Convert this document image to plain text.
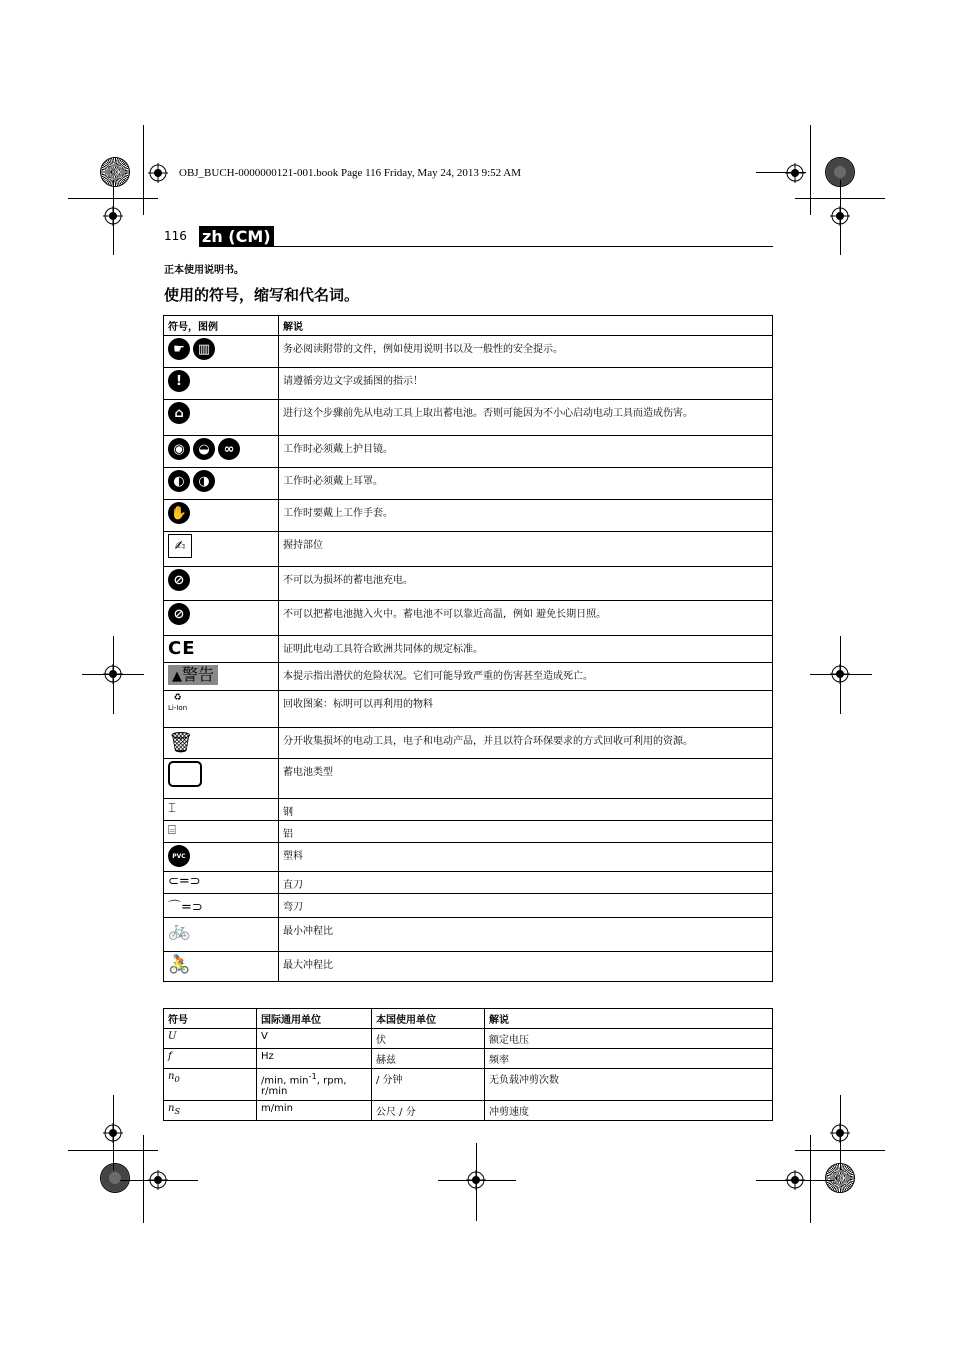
OBJ_BUCH-0000000121-001.book Page 116 Friday, May 24, 2013 9:52 AM
116 zh (CM)
正本使用说明书。
使用的符号，缩写和代名词。
符号，图例	解说
☛ ▥	务必阅读附带的文件，例如使用说明书以及一般性的安全提示。
!	请遵循旁边文字或插图的指示！
⌂	进行这个步骤前先从电动工具上取出蓄电池。否则可能因为不小心启动电动工具而造成伤害。
◉ ◒ ∞	工作时必须戴上护目镜。
◐ ◑	工作时必须戴上耳罩。
✋	工作时要戴上工作手套。
✍	握持部位
⊘	不可以为损坏的蓄电池充电。
⊘	不可以把蓄电池抛入火中。蓄电池不可以靠近高温，例如 避免长期日照。
CE	证明此电动工具符合欧洲共同体的规定标准。
▲警告	本提示指出潜伏的危险状况。它们可能导致严重的伤害甚至造成死亡。
♻
Li-Ion	回收图案：标明可以再利用的物料
🗑	分开收集损坏的电动工具，电子和电动产品，并且以符合环保要求的方式回收可利用的资源。
	蓄电池类型
⌶	钢
⌸	铝

PVC	塑料
⊂=⊃	直刀
⌒=⊃	弯刀
🚲	最小冲程比
🚴	最大冲程比
符号	国际通用单位	本国使用单位	解说
U	V	伏	额定电压
f	Hz	赫兹	频率
$n_0$	/min, $\min^{-1}$, rpm, r/min	/ 分钟	无负载冲剪次数
$n_S$	m/min	公尺 / 分	冲剪速度
